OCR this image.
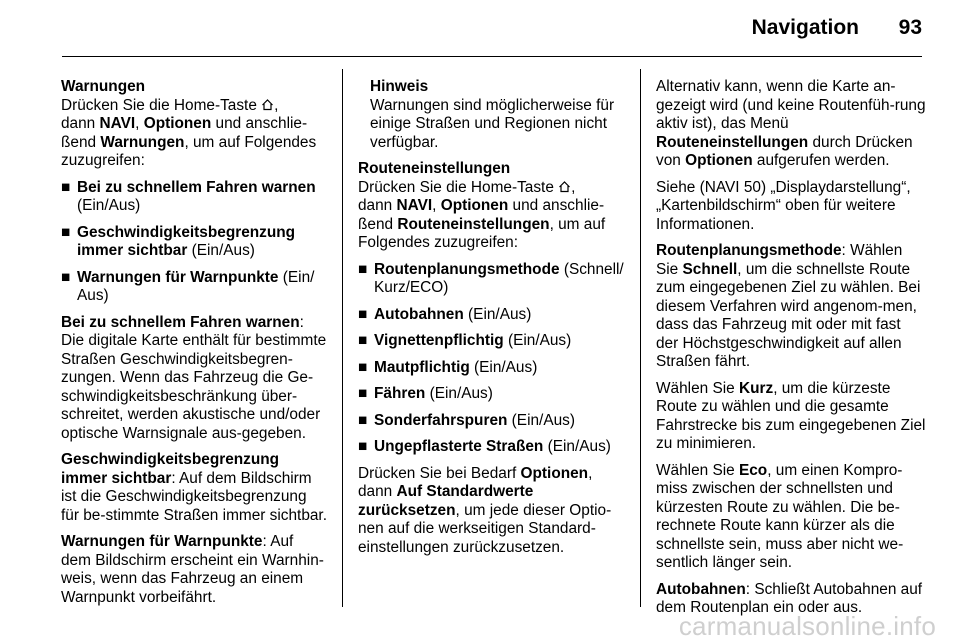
Navigation 93
Warnungen
Drücken Sie die Home-Taste ,
dann NAVI, Optionen und anschlie-
ßend Warnungen, um auf Folgendes
zuzugreifen:
■ Bei zu schnellem Fahren warnen
(Ein/Aus)
■ Geschwindigkeitsbegrenzung immer sichtbar (Ein/Aus)
■ Warnungen für Warnpunkte (Ein/ Aus)
Bei zu schnellem Fahren warnen: Die digitale Karte enthält für bestimmte Straßen Geschwindigkeitsbegren-zungen. Wenn das Fahrzeug die Ge-schwindigkeitsbeschränkung über-schreitet, werden akustische und/oder optische Warnsignale aus-gegeben.
Geschwindigkeitsbegrenzung immer sichtbar: Auf dem Bildschirm ist die Geschwindigkeitsbegrenzung für be-stimmte Straßen immer sichtbar.
Warnungen für Warnpunkte: Auf dem Bildschirm erscheint ein Warnhin-weis, wenn das Fahrzeug an einem Warnpunkt vorbeifährt.
Hinweis
Warnungen sind möglicherweise für einige Straßen und Regionen nicht verfügbar.
Routeneinstellungen
Drücken Sie die Home-Taste ,
dann NAVI, Optionen und anschlie-
ßend Routeneinstellungen, um auf
Folgendes zuzugreifen:
■ Routenplanungsmethode (Schnell/ Kurz/ECO)
■ Autobahnen (Ein/Aus)
■ Vignettenpflichtig (Ein/Aus)
■ Mautpflichtig (Ein/Aus)
■ Fähren (Ein/Aus)
■ Sonderfahrspuren (Ein/Aus)
■ Ungepflasterte Straßen (Ein/Aus)
Drücken Sie bei Bedarf Optionen,
dann Auf Standardwerte zurücksetzen, um jede dieser Optio-nen auf die werkseitigen Standard-einstellungen zurückzusetzen.
Alternativ kann, wenn die Karte an-gezeigt wird (und keine Routenfüh-rung aktiv ist), das Menü Routeneinstellungen durch Drücken von Optionen aufgerufen werden.
Siehe (NAVI 50) „Displaydarstellung“, „Kartenbildschirm“ oben für weitere Informationen.
Routenplanungsmethode: Wählen Sie Schnell, um die schnellste Route zum eingegebenen Ziel zu wählen. Bei diesem Verfahren wird angenom-men, dass das Fahrzeug mit oder mit fast der Höchstgeschwindigkeit auf allen Straßen fährt.
Wählen Sie Kurz, um die kürzeste Route zu wählen und die gesamte Fahrstrecke bis zum eingegebenen Ziel zu minimieren.
Wählen Sie Eco, um einen Kompro-miss zwischen der schnellsten und kürzesten Route zu wählen. Die be-rechnete Route kann kürzer als die schnellste sein, muss aber nicht we-sentlich länger sein.
Autobahnen: Schließt Autobahnen auf dem Routenplan ein oder aus.
carmanualsonline.info
